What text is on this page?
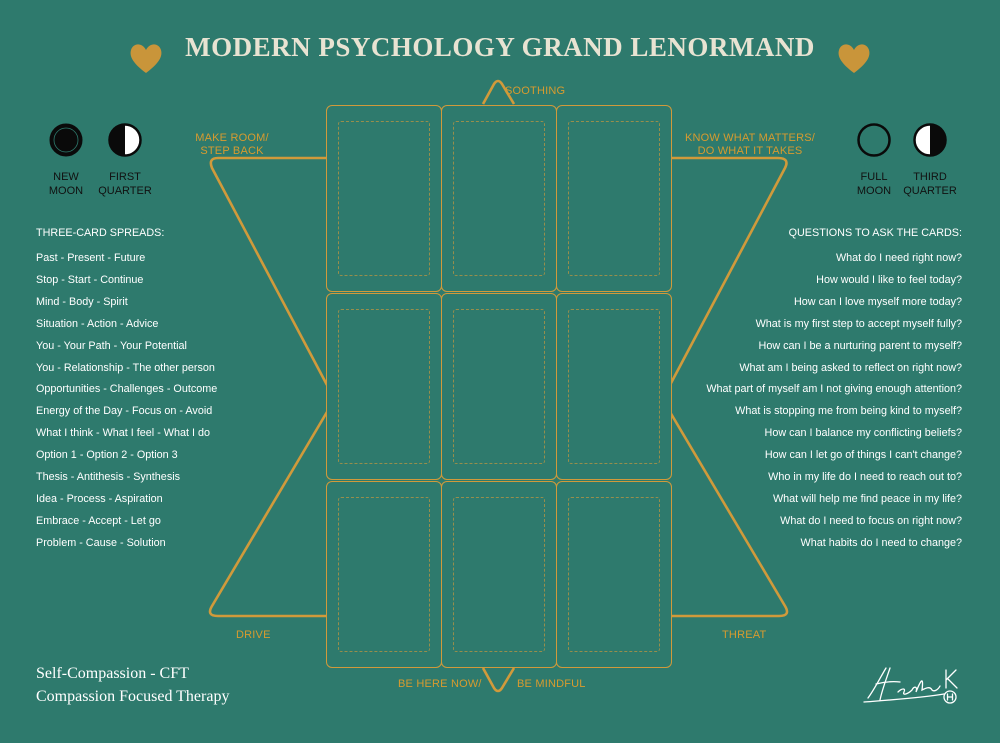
MODERN PSYCHOLOGY GRAND LENORMAND
NEW
MOON
FIRST
QUARTER
FULL
MOON
THIRD
QUARTER
SOOTHING
MAKE ROOM/
STEP BACK
KNOW WHAT MATTERS/
DO WHAT IT TAKES
DRIVE	THREAT
BE HERE NOW/	BE MINDFUL
THREE-CARD SPREADS:
Past - Present - Future
Stop - Start - Continue
Mind - Body - Spirit
Situation - Action - Advice
You - Your Path - Your Potential
You - Relationship - The other person
Opportunities - Challenges - Outcome
Energy of the Day - Focus on - Avoid
What I think - What I feel - What I do
Option 1 - Option 2 - Option 3
Thesis - Antithesis - Synthesis
Idea - Process - Aspiration
Embrace - Accept - Let go
Problem - Cause - Solution
QUESTIONS TO ASK THE CARDS:
What do I need right now?
How would I like to feel today?
How can I love myself more today?
What is my first step to accept myself fully?
How can I be a nurturing parent to myself?
What am I being asked to reflect on right now?
What part of myself am I not giving enough attention?
What is stopping me from being kind to myself?
How can I balance my conflicting beliefs?
How can I let go of things I can't change?
Who in my life do I need to reach out to?
What will help me find peace in my life?
What do I need to focus on right now?
What habits do I need to change?
Self-Compassion - CFT
Compassion Focused Therapy
